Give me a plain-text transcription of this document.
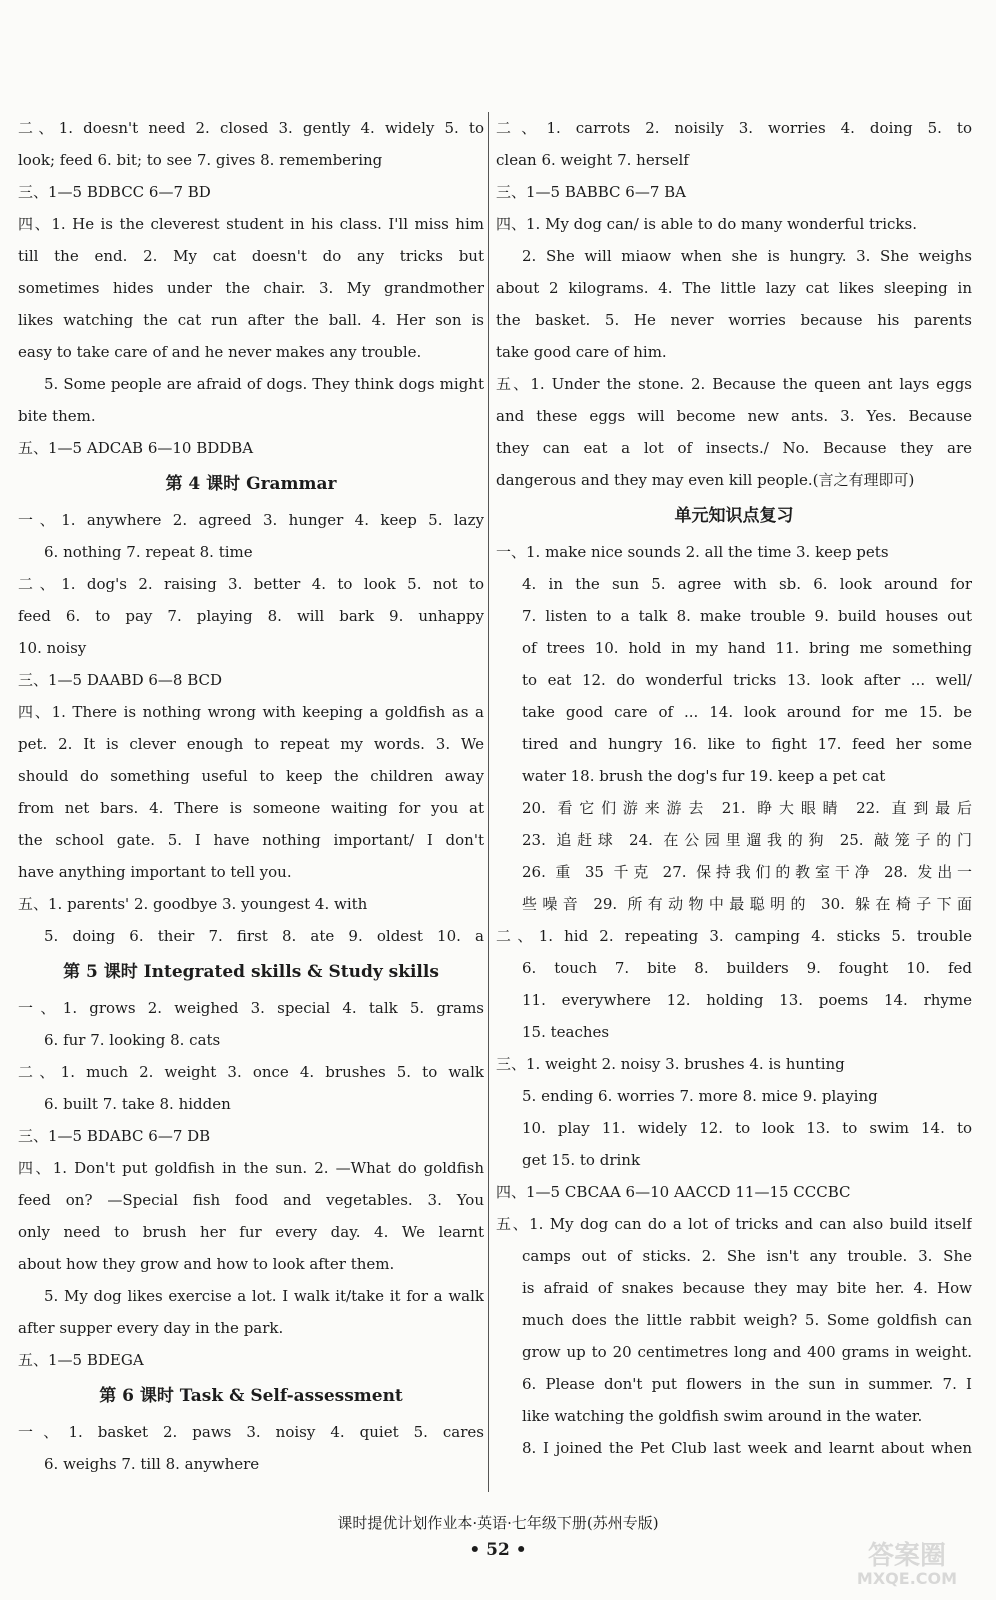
二、1. doesn't need 2. closed 3. gently 4. widely 5. to
look; feed 6. bit; to see 7. gives 8. remembering
三、1—5 BDBCC 6—7 BD
四、1. He is the cleverest student in his class. I'll miss him
till the end. 2. My cat doesn't do any tricks but
sometimes hides under the chair. 3. My grandmother
likes watching the cat run after the ball. 4. Her son is
easy to take care of and he never makes any trouble.
5. Some people are afraid of dogs. They think dogs might
bite them.
五、1—5 ADCAB 6—10 BDDBA
第 4 课时 Grammar
一、1. anywhere 2. agreed 3. hunger 4. keep 5. lazy
6. nothing 7. repeat 8. time
二、1. dog's 2. raising 3. better 4. to look 5. not to
feed 6. to pay 7. playing 8. will bark 9. unhappy
10. noisy
三、1—5 DAABD 6—8 BCD
四、1. There is nothing wrong with keeping a goldfish as a
pet. 2. It is clever enough to repeat my words. 3. We
should do something useful to keep the children away
from net bars. 4. There is someone waiting for you at
the school gate. 5. I have nothing important/ I don't
have anything important to tell you.
五、1. parents' 2. goodbye 3. youngest 4. with
5. doing 6. their 7. first 8. ate 9. oldest 10. a
第 5 课时 Integrated skills & Study skills
一、1. grows 2. weighed 3. special 4. talk 5. grams
6. fur 7. looking 8. cats
二、1. much 2. weight 3. once 4. brushes 5. to walk
6. built 7. take 8. hidden
三、1—5 BDABC 6—7 DB
四、1. Don't put goldfish in the sun. 2. —What do goldfish
feed on? —Special fish food and vegetables. 3. You
only need to brush her fur every day. 4. We learnt
about how they grow and how to look after them.
5. My dog likes exercise a lot. I walk it/take it for a walk
after supper every day in the park.
五、1—5 BDEGA
第 6 课时 Task & Self-assessment
一、1. basket 2. paws 3. noisy 4. quiet 5. cares
6. weighs 7. till 8. anywhere
二、1. carrots 2. noisily 3. worries 4. doing 5. to
clean 6. weight 7. herself
三、1—5 BABBC 6—7 BA
四、1. My dog can/ is able to do many wonderful tricks.
2. She will miaow when she is hungry. 3. She weighs
about 2 kilograms. 4. The little lazy cat likes sleeping in
the basket. 5. He never worries because his parents
take good care of him.
五、1. Under the stone. 2. Because the queen ant lays eggs
and these eggs will become new ants. 3. Yes. Because
they can eat a lot of insects./ No. Because they are
dangerous and they may even kill people.(言之有理即可)
单元知识点复习
一、1. make nice sounds 2. all the time 3. keep pets
4. in the sun 5. agree with sb. 6. look around for
7. listen to a talk 8. make trouble 9. build houses out
of trees 10. hold in my hand 11. bring me something
to eat 12. do wonderful tricks 13. look after ... well/
take good care of ... 14. look around for me 15. be
tired and hungry 16. like to fight 17. feed her some
water 18. brush the dog's fur 19. keep a pet cat
20. 看它们游来游去 21. 睁大眼睛 22. 直到最后
23. 追赶球 24. 在公园里遛我的狗 25. 敲笼子的门
26. 重 35 千克 27. 保持我们的教室干净 28. 发出一
些噪音 29. 所有动物中最聪明的 30. 躲在椅子下面
二、1. hid 2. repeating 3. camping 4. sticks 5. trouble
6. touch 7. bite 8. builders 9. fought 10. fed
11. everywhere 12. holding 13. poems 14. rhyme
15. teaches
三、1. weight 2. noisy 3. brushes 4. is hunting
5. ending 6. worries 7. more 8. mice 9. playing
10. play 11. widely 12. to look 13. to swim 14. to
get 15. to drink
四、1—5 CBCAA 6—10 AACCD 11—15 CCCBC
五、1. My dog can do a lot of tricks and can also build itself
camps out of sticks. 2. She isn't any trouble. 3. She
is afraid of snakes because they may bite her. 4. How
much does the little rabbit weigh? 5. Some goldfish can
grow up to 20 centimetres long and 400 grams in weight.
6. Please don't put flowers in the sun in summer. 7. I
like watching the goldfish swim around in the water.
8. I joined the Pet Club last week and learnt about when
课时提优计划作业本·英语·七年级下册(苏州专版)
• 52 •	答案圈
MXQE.COM
